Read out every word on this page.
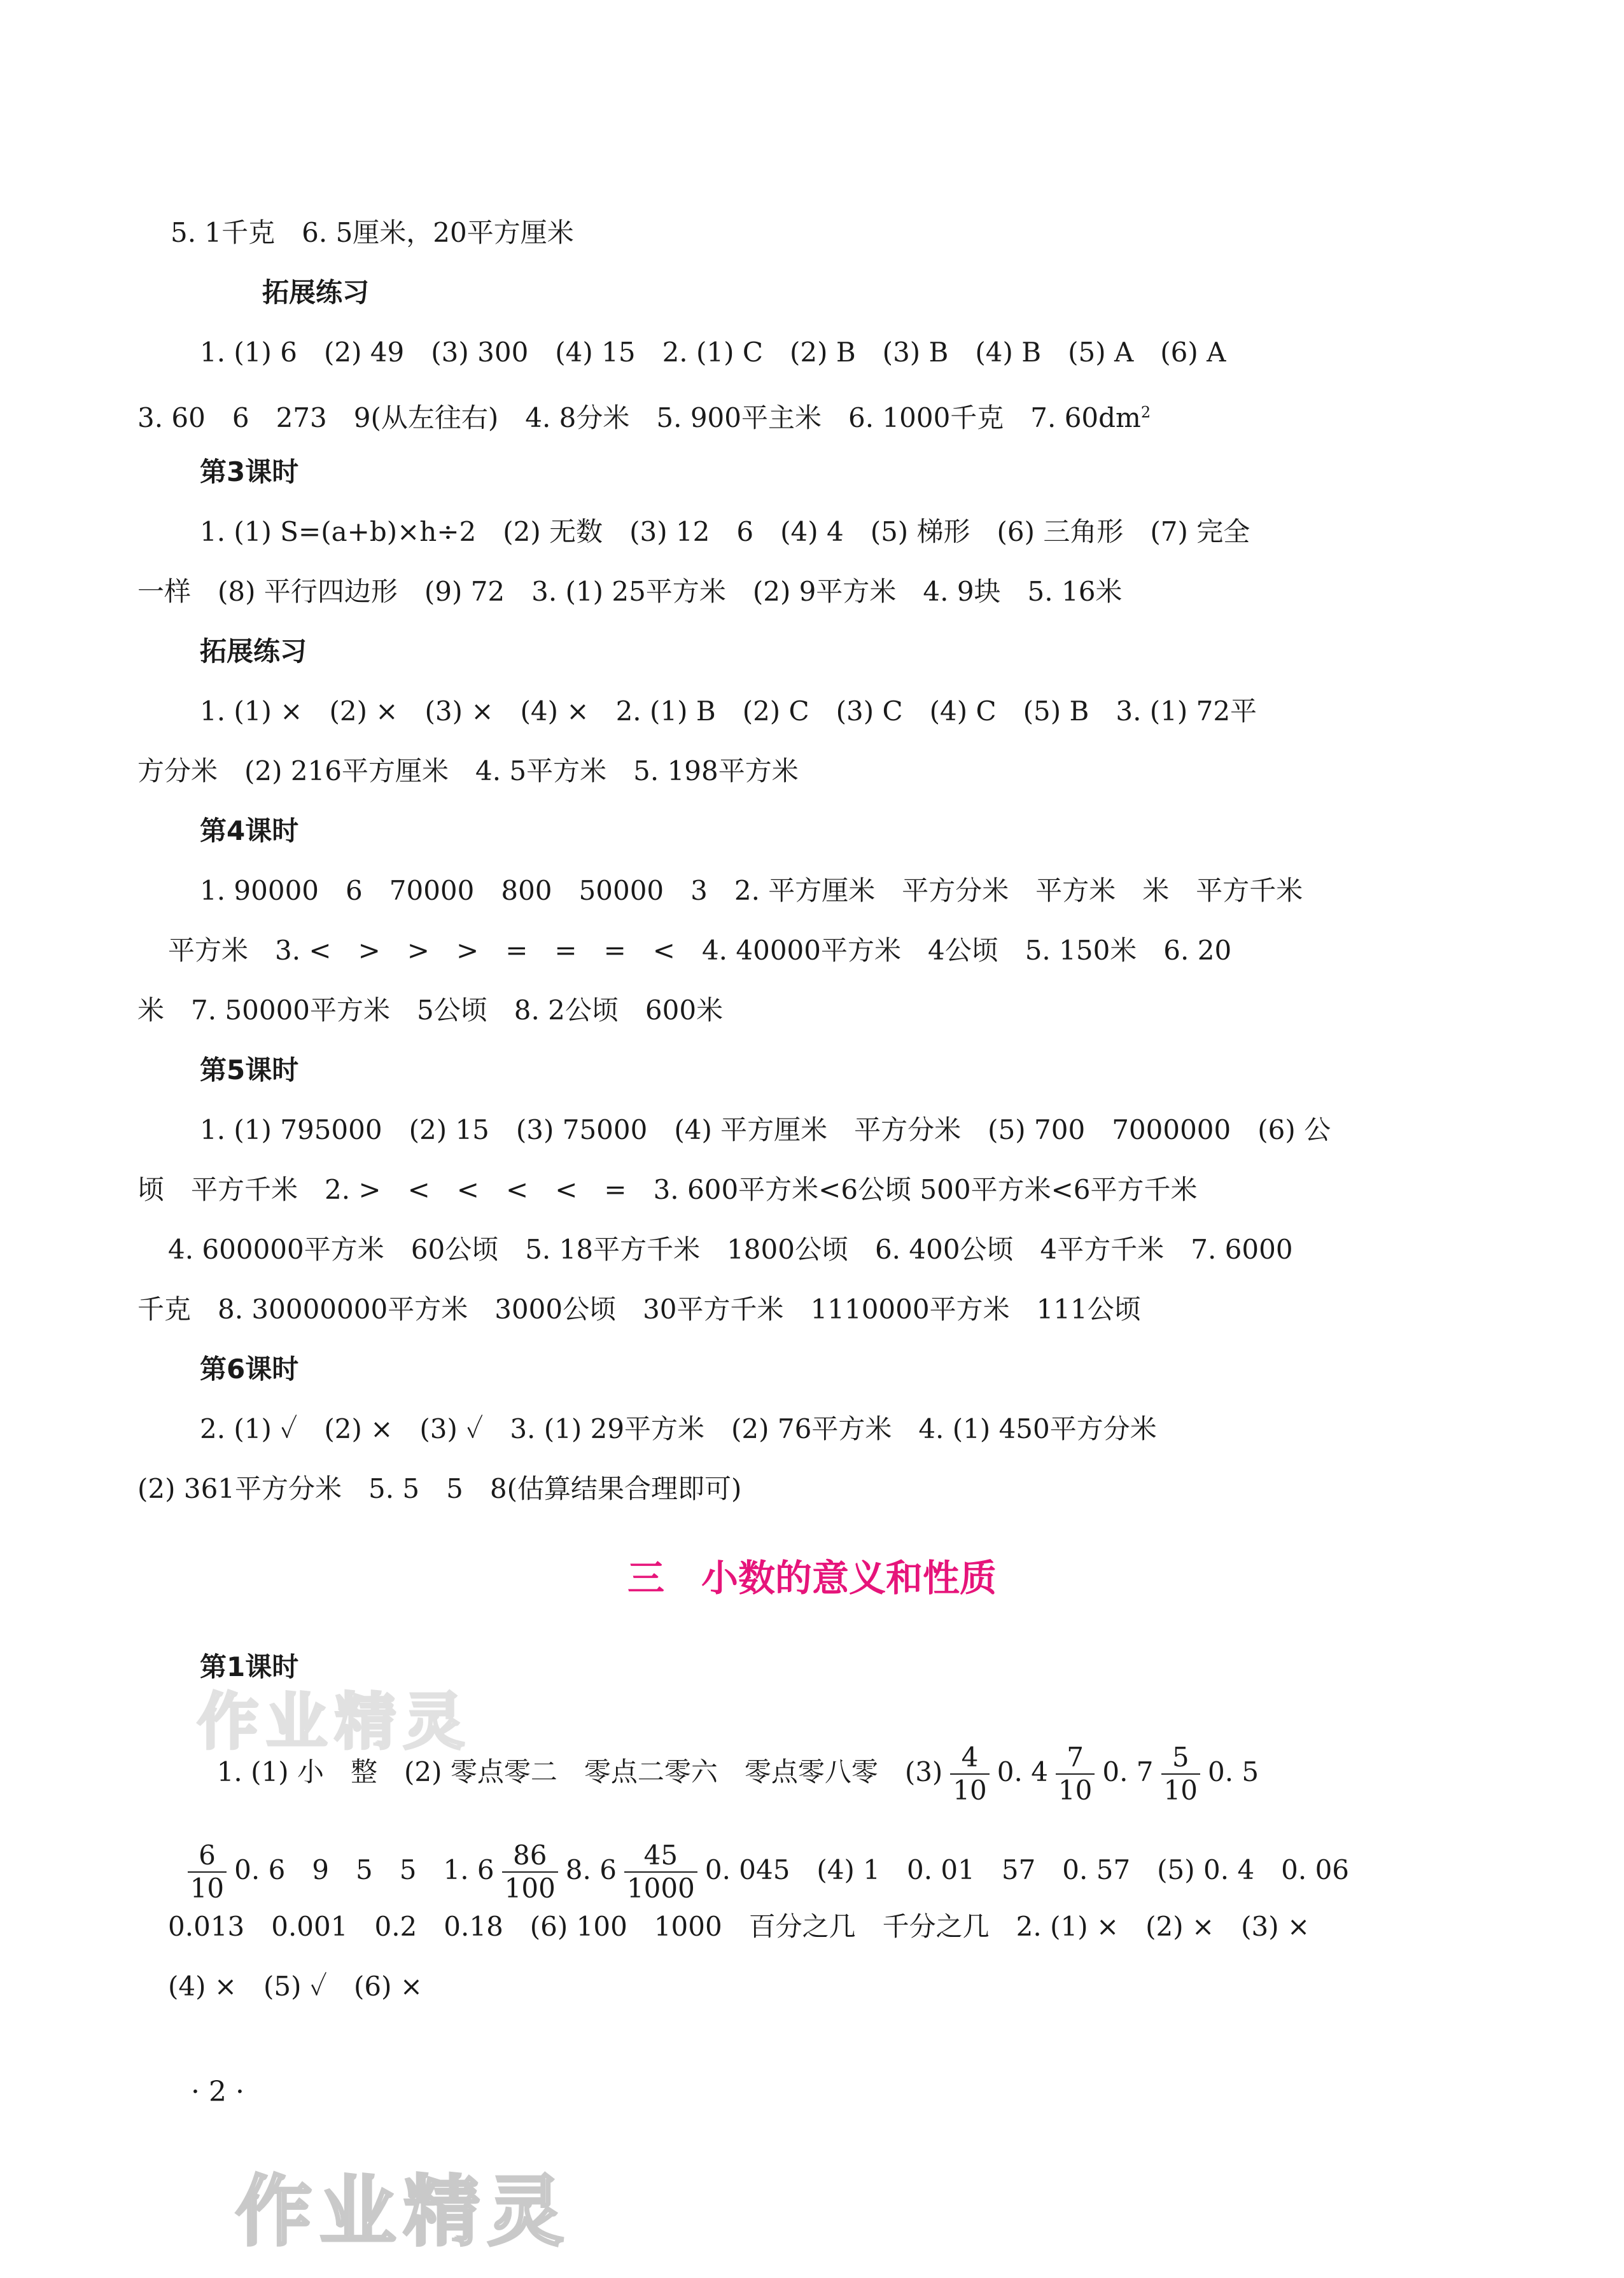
5. 1千克　6. 5厘米，20平方厘米
拓展练习
1. (1) 6　(2) 49　(3) 300　(4) 15　2. (1) C　(2) B　(3) B　(4) B　(5) A　(6) A
3. 60　6　273　9(从左往右)　4. 8分米　5. 900平主米　6. 1000千克　7. $60dm^2$
第3课时
1. (1) S=(a+b)×h÷2　(2) 无数　(3) 12　6　(4) 4　(5) 梯形　(6) 三角形　(7) 完全
一样　(8) 平行四边形　(9) 72　3. (1) 25平方米　(2) 9平方米　4. 9块　5. 16米
拓展练习
1. (1) ×　(2) ×　(3) ×　(4) ×　2. (1) B　(2) C　(3) C　(4) C　(5) B　3. (1) 72平
方分米　(2) 216平方厘米　4. 5平方米　5. 198平方米
第4课时
1. 90000　6　70000　800　50000　3　2. 平方厘米　平方分米　平方米　米　平方千米
平方米　3. <　>　>　>　=　=　=　<　4. 40000平方米　4公顷　5. 150米　6. 20
米　7. 50000平方米　5公顷　8. 2公顷　600米
第5课时
1. (1) 795000　(2) 15　(3) 75000　(4) 平方厘米　平方分米　(5) 700　7000000　(6) 公
顷　平方千米　2. >　<　<　<　<　=　3. 600平方米<6公顷 500平方米<6平方千米
4. 600000平方米　60公顷　5. 18平方千米　1800公顷　6. 400公顷　4平方千米　7. 6000
千克　8. 30000000平方米　3000公顷　30平方千米　1110000平方米　111公顷
第6课时
2. (1) ✓　(2) ×　(3) ✓　3. (1) 29平方米　(2) 76平方米　4. (1) 450平方分米
(2) 361平方分米　5. 5　5　8(估算结果合理即可)
三　小数的意义和性质
第1课时

1. (1) 小　整　(2) 零点零二　零点二零六　零点零八零　$(3) \frac{4}{10} 0$. $4 \frac{7}{10} 0$. $7 \frac{5}{10} 0$. 5

$\frac{6}{10} 0$. 6　9　5　5　1. $6 \frac{86}{100} 8$. $6 \frac{45}{1000} 0$. 045　(4) 1　0. 01　57　0. 57　(5) 0. 4　0. 06

0.013　0.001　0.2　0.18　(6) 100　1000　百分之几　千分之几　2. (1) ×　(2) ×　(3) ×
(4) ×　(5) ✓　(6) ×
· 2 ·
作业精灵
作业精灵
